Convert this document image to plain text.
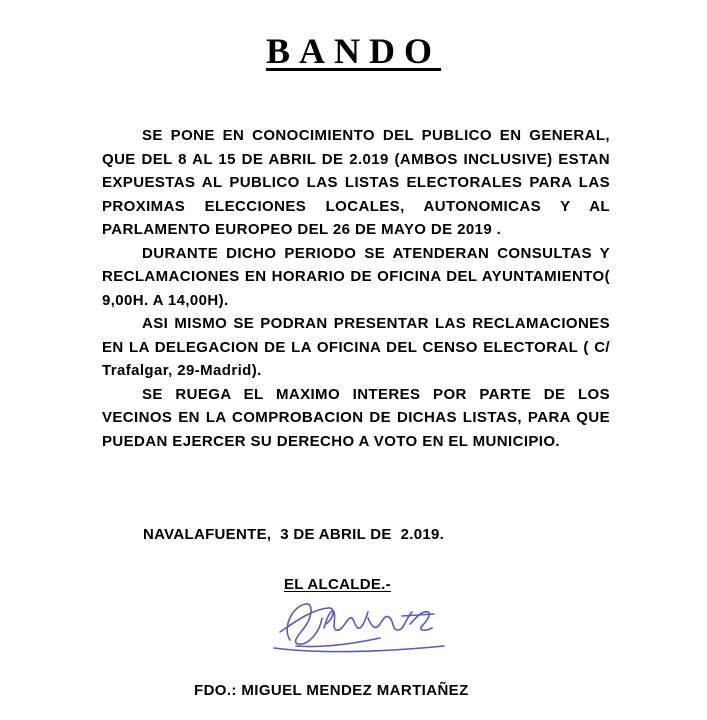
BANDO

SE PONE EN CONOCIMIENTO DEL PUBLICO EN GENERAL, QUE DEL 8 AL 15 DE ABRIL DE 2.019 (AMBOS INCLUSIVE) ESTAN EXPUESTAS AL PUBLICO LAS LISTAS ELECTORALES PARA LAS PROXIMAS ELECCIONES LOCALES, AUTONOMICAS Y AL PARLAMENTO EUROPEO DEL 26 DE MAYO DE 2019 .

DURANTE DICHO PERIODO SE ATENDERAN CONSULTAS Y RECLAMACIONES EN HORARIO DE OFICINA DEL AYUNTAMIENTO( 9,00H. A 14,00H).

ASI MISMO SE PODRAN PRESENTAR LAS RECLAMACIONES EN LA DELEGACION DE LA OFICINA DEL CENSO ELECTORAL ( C/ Trafalgar, 29-Madrid).

SE RUEGA EL MAXIMO INTERES POR PARTE DE LOS VECINOS EN LA COMPROBACION DE DICHAS LISTAS, PARA QUE PUEDAN EJERCER SU DERECHO A VOTO EN EL MUNICIPIO.

NAVALAFUENTE,  3 DE ABRIL DE  2.019.
EL ALCALDE.-
FDO.: MIGUEL MENDEZ MARTIAÑEZ
